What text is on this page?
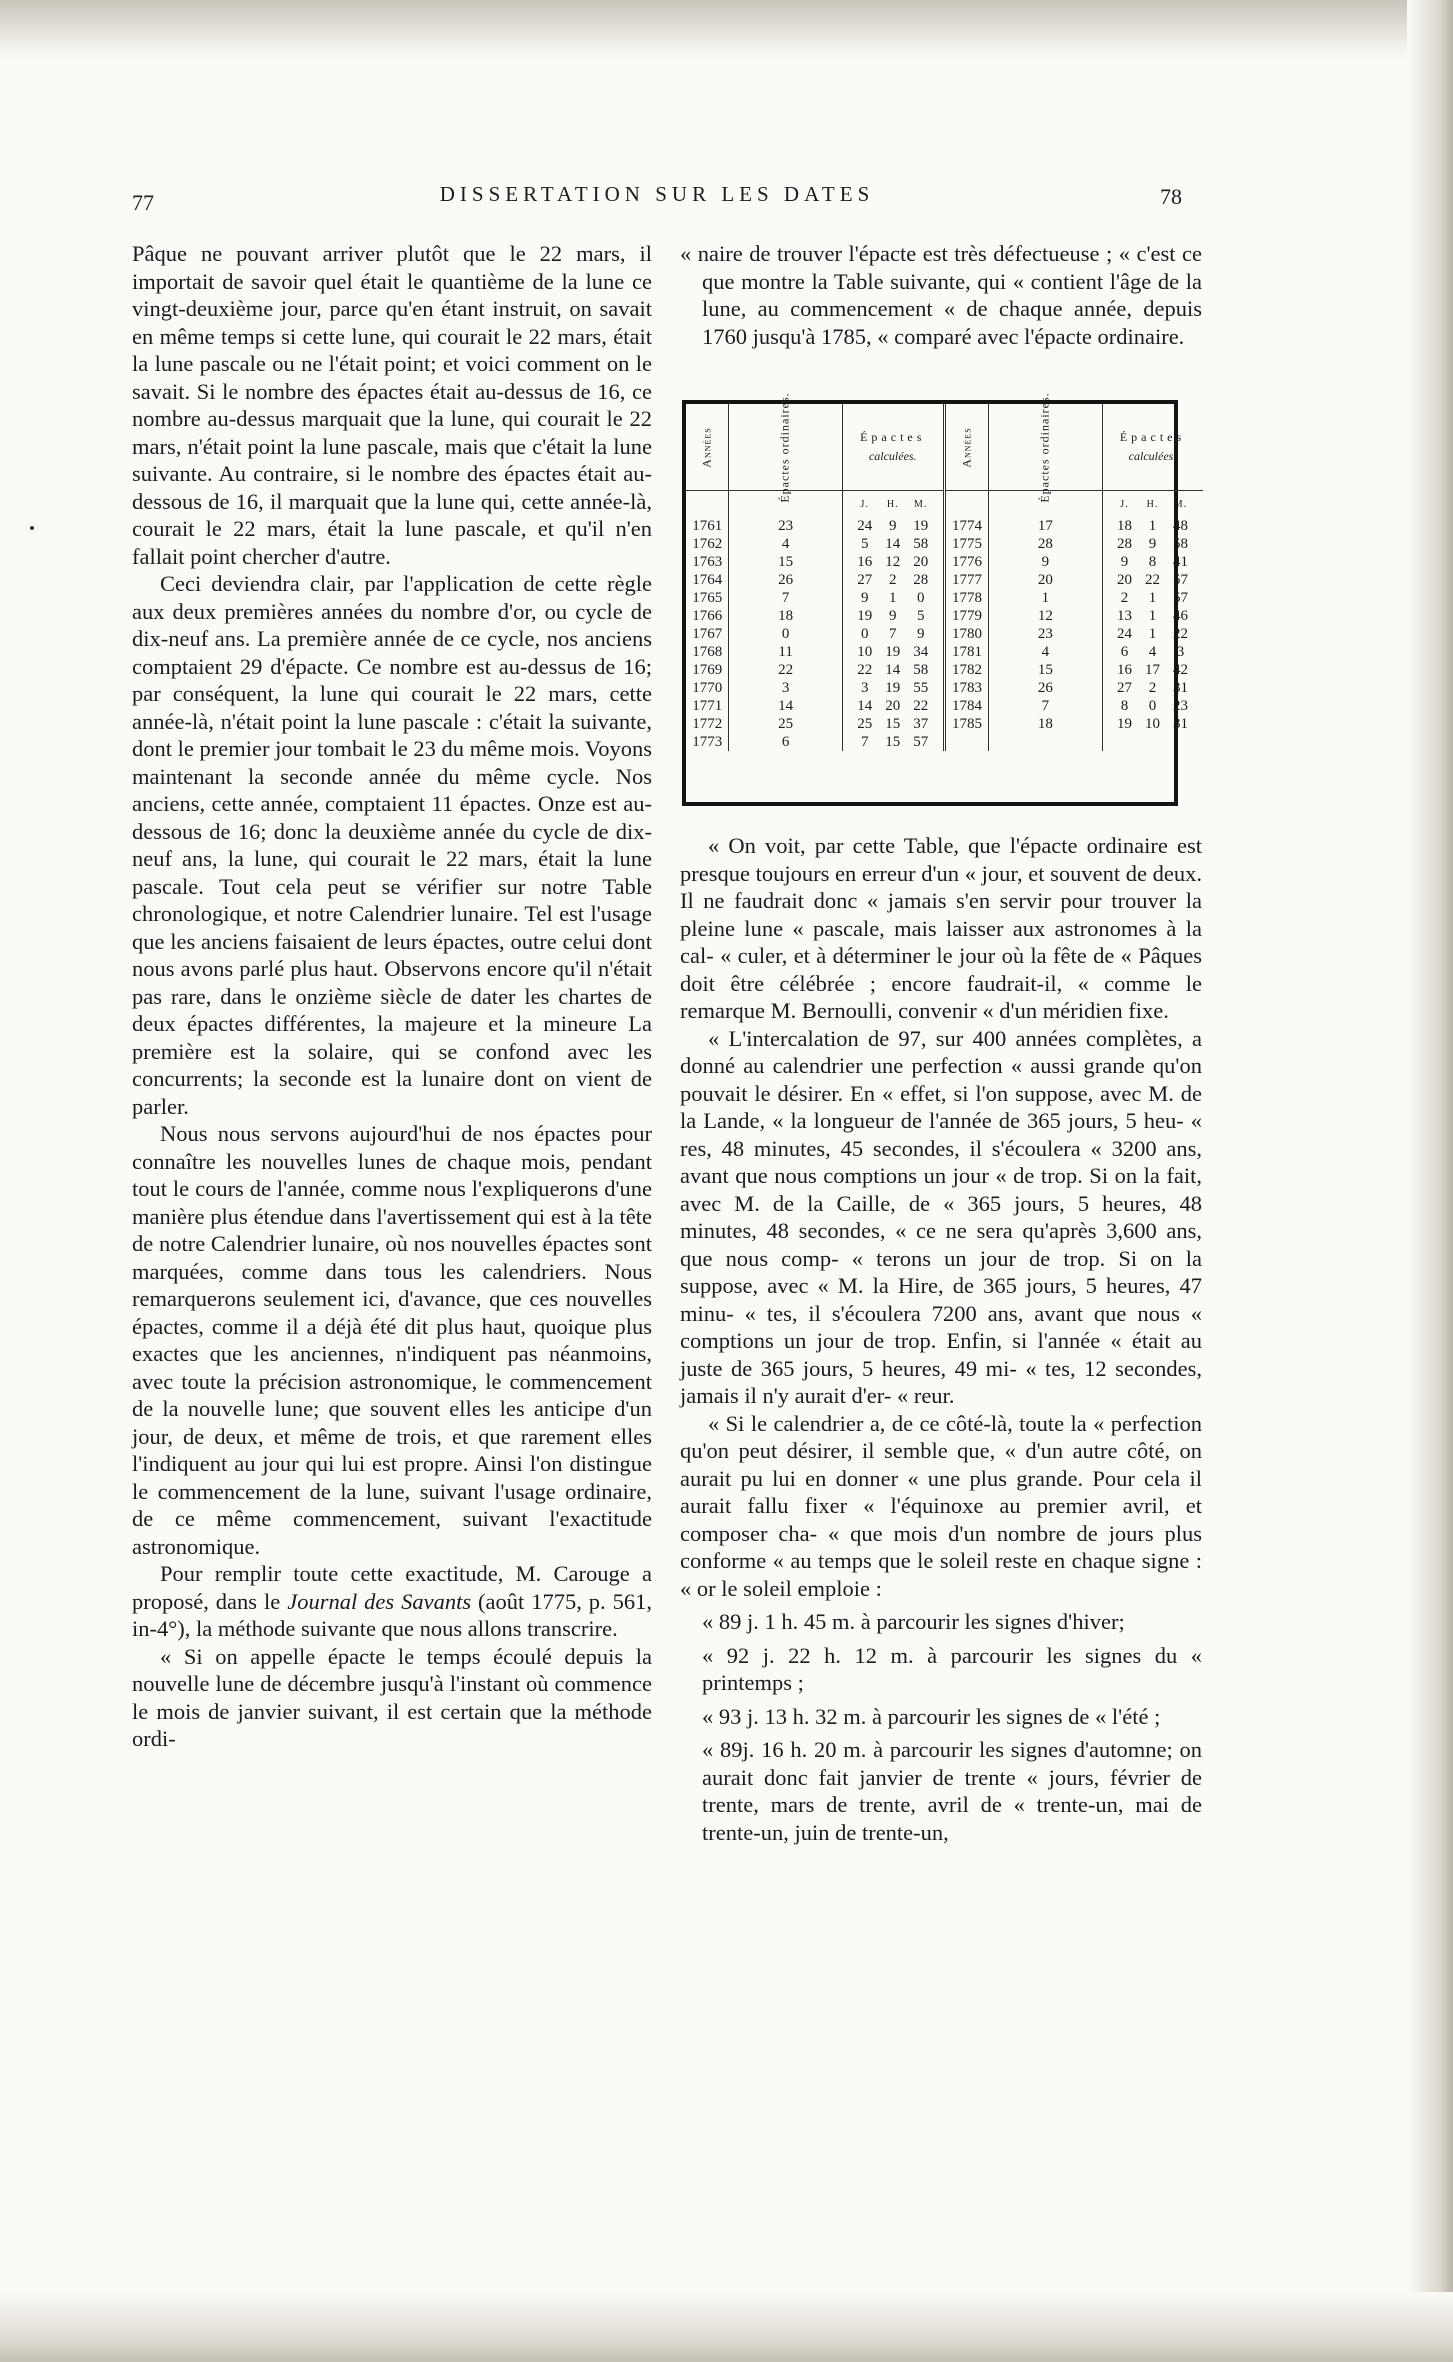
77	DISSERTATION SUR LES DATES	78

Pâque ne pouvant arriver plutôt que le 22 mars, il importait de savoir quel était le quantième de la lune ce vingt-deuxième jour, parce qu'en étant instruit, on savait en même temps si cette lune, qui courait le 22 mars, était la lune pascale ou ne l'était point; et voici comment on le savait. Si le nombre des épactes était au-dessus de 16, ce nombre au-dessus marquait que la lune, qui courait le 22 mars, n'était point la lune pascale, mais que c'était la lune suivante. Au contraire, si le nombre des épactes était au-dessous de 16, il marquait que la lune qui, cette année-là, courait le 22 mars, était la lune pascale, et qu'il n'en fallait point chercher d'autre.

Ceci deviendra clair, par l'application de cette règle aux deux premières années du nombre d'or, ou cycle de dix-neuf ans. La première année de ce cycle, nos anciens comptaient 29 d'épacte. Ce nombre est au-dessus de 16; par conséquent, la lune qui courait le 22 mars, cette année-là, n'était point la lune pascale : c'était la suivante, dont le premier jour tombait le 23 du même mois. Voyons maintenant la seconde année du même cycle. Nos anciens, cette année, comptaient 11 épactes. Onze est au-dessous de 16; donc la deuxième année du cycle de dix-neuf ans, la lune, qui courait le 22 mars, était la lune pascale. Tout cela peut se vérifier sur notre Table chronologique, et notre Calendrier lunaire. Tel est l'usage que les anciens faisaient de leurs épactes, outre celui dont nous avons parlé plus haut. Observons encore qu'il n'était pas rare, dans le onzième siècle de dater les chartes de deux épactes différentes, la majeure et la mineure La première est la solaire, qui se confond avec les concurrents; la seconde est la lunaire dont on vient de parler.

Nous nous servons aujourd'hui de nos épactes pour connaître les nouvelles lunes de chaque mois, pendant tout le cours de l'année, comme nous l'expliquerons d'une manière plus étendue dans l'avertissement qui est à la tête de notre Calendrier lunaire, où nos nouvelles épactes sont marquées, comme dans tous les calendriers. Nous remarquerons seulement ici, d'avance, que ces nouvelles épactes, comme il a déjà été dit plus haut, quoique plus exactes que les anciennes, n'indiquent pas néanmoins, avec toute la précision astronomique, le commencement de la nouvelle lune; que souvent elles les anticipe d'un jour, de deux, et même de trois, et que rarement elles l'indiquent au jour qui lui est propre. Ainsi l'on distingue le commencement de la lune, suivant l'usage ordinaire, de ce même commencement, suivant l'exactitude astronomique.

Pour remplir toute cette exactitude, M. Carouge a proposé, dans le Journal des Savants (août 1775, p. 561, in-4°), la méthode suivante que nous allons transcrire.

« Si on appelle épacte le temps écoulé depuis la nouvelle lune de décembre jusqu'à l'instant où commence le mois de janvier suivant, il est certain que la méthode ordi-

« naire de trouver l'épacte est très défectueuse ; « c'est ce que montre la Table suivante, qui « contient l'âge de la lune, au commencement « de chaque année, depuis 1760 jusqu'à 1785, « comparé avec l'épacte ordinaire.

Années	Épactes ordinaires.	Épactes
calculées.	Années	Épactes ordinaires.	Épactes
calculées.

		J. H. M.			J. H. M.

1761	23	24 9 19	1774	17	18 1 48

1762	4	5 14 58	1775	28	28 9 58

1763	15	16 12 20	1776	9	9 8 41

1764	26	27 2 28	1777	20	20 22 57

1765	7	9 1 0	1778	1	2 1 57

1766	18	19 9 5	1779	12	13 1 46

1767	0	0 7 9	1780	23	24 1 22

1768	11	10 19 34	1781	4	6 4 3

1769	22	22 14 58	1782	15	16 17 42

1770	3	3 19 55	1783	26	27 2 31

1771	14	14 20 22	1784	7	8 0 23

1772	25	25 15 37	1785	18	19 10 31

1773	6	7 15 57			

« On voit, par cette Table, que l'épacte ordinaire est presque toujours en erreur d'un « jour, et souvent de deux. Il ne faudrait donc « jamais s'en servir pour trouver la pleine lune « pascale, mais laisser aux astronomes à la cal- « culer, et à déterminer le jour où la fête de « Pâques doit être célébrée ; encore faudrait-il, « comme le remarque M. Bernoulli, convenir « d'un méridien fixe.

« L'intercalation de 97, sur 400 années complètes, a donné au calendrier une perfection « aussi grande qu'on pouvait le désirer. En « effet, si l'on suppose, avec M. de la Lande, « la longueur de l'année de 365 jours, 5 heu- « res, 48 minutes, 45 secondes, il s'écoulera « 3200 ans, avant que nous comptions un jour « de trop. Si on la fait, avec M. de la Caille, de « 365 jours, 5 heures, 48 minutes, 48 secondes, « ce ne sera qu'après 3,600 ans, que nous comp- « terons un jour de trop. Si on la suppose, avec « M. la Hire, de 365 jours, 5 heures, 47 minu- « tes, il s'écoulera 7200 ans, avant que nous « comptions un jour de trop. Enfin, si l'année « était au juste de 365 jours, 5 heures, 49 mi- « tes, 12 secondes, jamais il n'y aurait d'er- « reur.

« Si le calendrier a, de ce côté-là, toute la « perfection qu'on peut désirer, il semble que, « d'un autre côté, on aurait pu lui en donner « une plus grande. Pour cela il aurait fallu fixer « l'équinoxe au premier avril, et composer cha- « que mois d'un nombre de jours plus conforme « au temps que le soleil reste en chaque signe : « or le soleil emploie :

« 89 j. 1 h. 45 m. à parcourir les signes d'hiver;

« 92 j. 22 h. 12 m. à parcourir les signes du « printemps ;

« 93 j. 13 h. 32 m. à parcourir les signes de « l'été ;

« 89j. 16 h. 20 m. à parcourir les signes d'automne; on aurait donc fait janvier de trente « jours, février de trente, mars de trente, avril de « trente-un, mai de trente-un, juin de trente-un,
